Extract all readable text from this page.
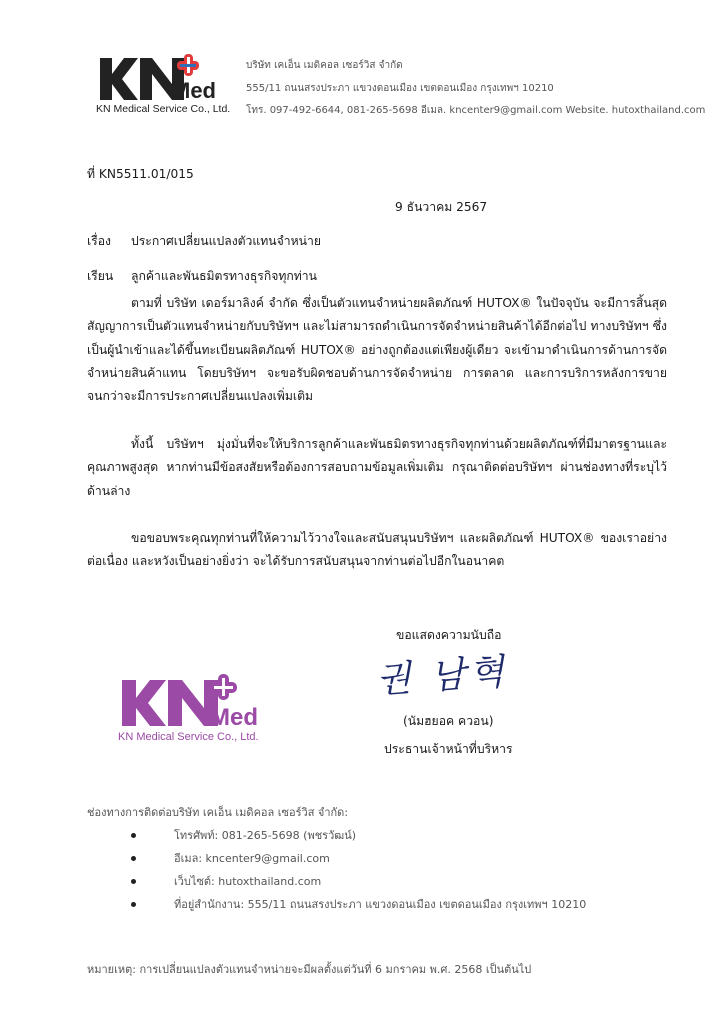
Med
KN Medical Service Co., Ltd.
บริษัท เคเอ็น เมดิคอล เซอร์วิส จำกัด
555/11 ถนนสรงประภา แขวงดอนเมือง เขตดอนเมือง กรุงเทพฯ 10210
โทร. 097-492-6644, 081-265-5698 อีเมล. kncenter9@gmail.com Website. hutoxthailand.com
ที่ KN5511.01/015
9 ธันวาคม 2567
เรื่อง ประกาศเปลี่ยนแปลงตัวแทนจำหน่าย
เรียน ลูกค้าและพันธมิตรทางธุรกิจทุกท่าน

ตามที่ บริษัท เดอร์มาลิงค์ จำกัด ซึ่งเป็นตัวแทนจำหน่ายผลิตภัณฑ์ HUTOX® ในปัจจุบัน จะมีการสิ้นสุดสัญญาการเป็นตัวแทนจำหน่ายกับบริษัทฯ และไม่สามารถดำเนินการจัดจำหน่ายสินค้าได้อีกต่อไป ทางบริษัทฯ ซึ่งเป็นผู้นำเข้าและได้ขึ้นทะเบียนผลิตภัณฑ์ HUTOX® อย่างถูกต้องแต่เพียงผู้เดียว จะเข้ามาดำเนินการด้านการจัดจำหน่ายสินค้าแทน โดยบริษัทฯ จะขอรับผิดชอบด้านการจัดจำหน่าย การตลาด และการบริการหลังการขายจนกว่าจะมีการประกาศเปลี่ยนแปลงเพิ่มเติม

ทั้งนี้ บริษัทฯ มุ่งมั่นที่จะให้บริการลูกค้าและพันธมิตรทางธุรกิจทุกท่านด้วยผลิตภัณฑ์ที่มีมาตรฐานและคุณภาพสูงสุด หากท่านมีข้อสงสัยหรือต้องการสอบถามข้อมูลเพิ่มเติม กรุณาติดต่อบริษัทฯ ผ่านช่องทางที่ระบุไว้ด้านล่าง

ขอขอบพระคุณทุกท่านที่ให้ความไว้วางใจและสนับสนุนบริษัทฯ และผลิตภัณฑ์ HUTOX® ของเราอย่างต่อเนื่อง และหวังเป็นอย่างยิ่งว่า จะได้รับการสนับสนุนจากท่านต่อไปอีกในอนาคต

ขอแสดงความนับถือ
권 남혁
(นัมฮยอค ควอน)
ประธานเจ้าหน้าที่บริหาร
Med
KN Medical Service Co., Ltd.
ช่องทางการติดต่อบริษัท เคเอ็น เมดิคอล เซอร์วิส จำกัด:
โทรศัพท์: 081-265-5698 (พชรวัฒน์)
อีเมล: kncenter9@gmail.com
เว็บไซต์: hutoxthailand.com
ที่อยู่สำนักงาน: 555/11 ถนนสรงประภา แขวงดอนเมือง เขตดอนเมือง กรุงเทพฯ 10210
หมายเหตุ: การเปลี่ยนแปลงตัวแทนจำหน่ายจะมีผลตั้งแต่วันที่ 6 มกราคม พ.ศ. 2568 เป็นต้นไป
